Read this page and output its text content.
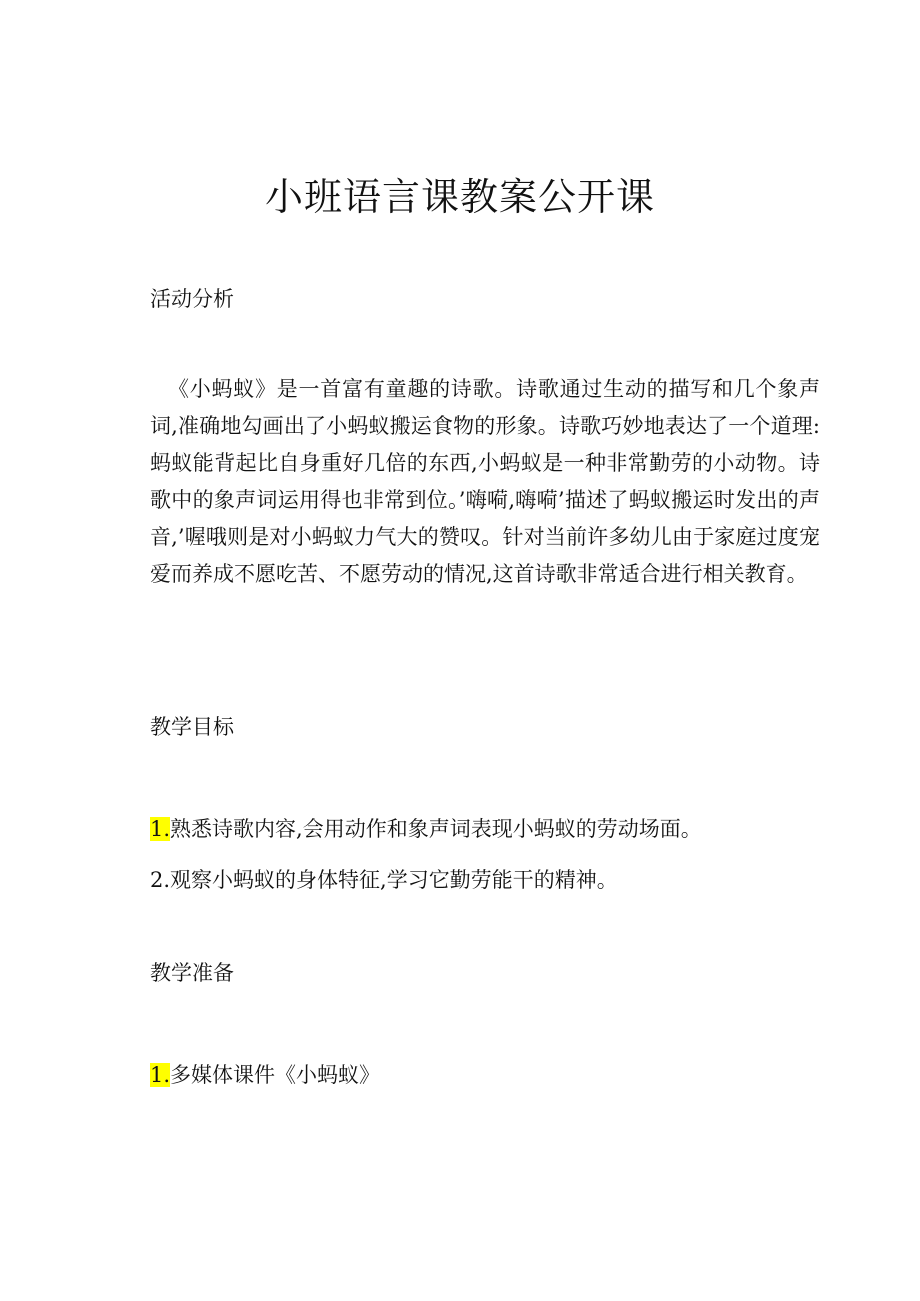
小班语言课教案公开课
活动分析

《小蚂蚁》是一首富有童趣的诗歌。诗歌通过生动的描写和几个象声词,准确地勾画出了小蚂蚁搬运食物的形象。诗歌巧妙地表达了一个道理:蚂蚁能背起比自身重好几倍的东西,小蚂蚁是一种非常勤劳的小动物。诗歌中的象声词运用得也非常到位。’嗨嗬,嗨嗬’描述了蚂蚁搬运时发出的声音,’喔哦则是对小蚂蚁力气大的赞叹。针对当前许多幼儿由于家庭过度宠爱而养成不愿吃苦、不愿劳动的情况,这首诗歌非常适合进行相关教育。

教学目标

1.熟悉诗歌内容,会用动作和象声词表现小蚂蚁的劳动场面。

2.观察小蚂蚁的身体特征,学习它勤劳能干的精神。

教学准备

1.多媒体课件《小蚂蚁》
